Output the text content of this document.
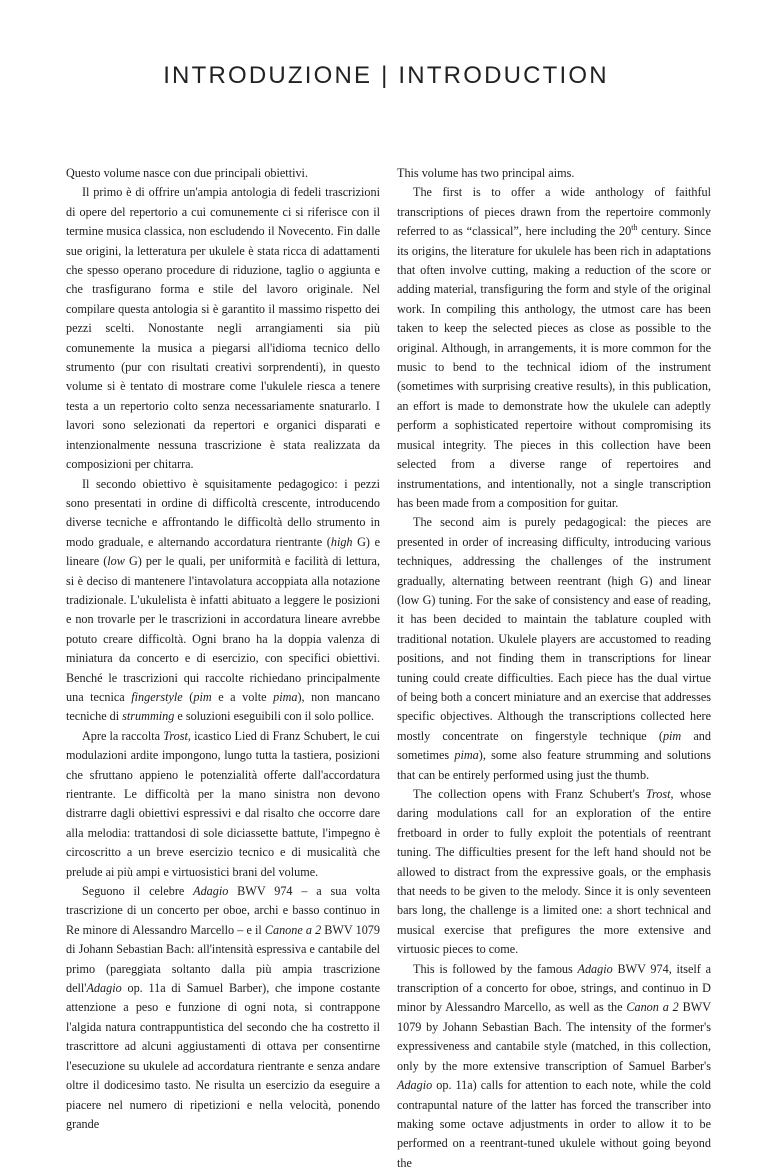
INTRODUZIONE | INTRODUCTION

Questo volume nasce con due principali obiettivi.

Il primo è di offrire un'ampia antologia di fedeli trascrizioni di opere del repertorio a cui comunemente ci si riferisce con il termine musica classica, non escludendo il Novecento. Fin dalle sue origini, la letteratura per ukulele è stata ricca di adattamenti che spesso operano procedure di riduzione, taglio o aggiunta e che trasfigurano forma e stile del lavoro originale. Nel compilare questa antologia si è garantito il massimo rispetto dei pezzi scelti. Nonostante negli arrangiamenti sia più comunemente la musica a piegarsi all'idioma tecnico dello strumento (pur con risultati creativi sorprendenti), in questo volume si è tentato di mostrare come l'ukulele riesca a tenere testa a un repertorio colto senza necessariamente snaturarlo. I lavori sono selezionati da repertori e organici disparati e intenzionalmente nessuna trascrizione è stata realizzata da composizioni per chitarra.

Il secondo obiettivo è squisitamente pedagogico: i pezzi sono presentati in ordine di difficoltà crescente, introducendo diverse tecniche e affrontando le difficoltà dello strumento in modo graduale, e alternando accordatura rientrante (high G) e lineare (low G) per le quali, per uniformità e facilità di lettura, si è deciso di mantenere l'intavolatura accoppiata alla notazione tradizionale. L'ukulelista è infatti abituato a leggere le posizioni e non trovarle per le trascrizioni in accordatura lineare avrebbe potuto creare difficoltà. Ogni brano ha la doppia valenza di miniatura da concerto e di esercizio, con specifici obiettivi. Benché le trascrizioni qui raccolte richiedano principalmente una tecnica fingerstyle (pim e a volte pima), non mancano tecniche di strumming e soluzioni eseguibili con il solo pollice.

Apre la raccolta Trost, icastico Lied di Franz Schubert, le cui modulazioni ardite impongono, lungo tutta la tastiera, posizioni che sfruttano appieno le potenzialità offerte dall'accordatura rientrante. Le difficoltà per la mano sinistra non devono distrarre dagli obiettivi espressivi e dal risalto che occorre dare alla melodia: trattandosi di sole diciassette battute, l'impegno è circoscritto a un breve esercizio tecnico e di musicalità che prelude ai più ampi e virtuosistici brani del volume.

Seguono il celebre Adagio BWV 974 – a sua volta trascrizione di un concerto per oboe, archi e basso continuo in Re minore di Alessandro Marcello – e il Canone a 2 BWV 1079 di Johann Sebastian Bach: all'intensità espressiva e cantabile del primo (pareggiata soltanto dalla più ampia trascrizione dell'Adagio op. 11a di Samuel Barber), che impone costante attenzione a peso e funzione di ogni nota, si contrappone l'algida natura contrappuntistica del secondo che ha costretto il trascrittore ad alcuni aggiustamenti di ottava per consentirne l'esecuzione su ukulele ad accordatura rientrante e senza andare oltre il dodicesimo tasto. Ne risulta un esercizio da eseguire a piacere nel numero di ripetizioni e nella velocità, ponendo grande

This volume has two principal aims.

The first is to offer a wide anthology of faithful transcriptions of pieces drawn from the repertoire commonly referred to as “classical”, here including the 20th century. Since its origins, the literature for ukulele has been rich in adaptations that often involve cutting, making a reduction of the score or adding material, transfiguring the form and style of the original work. In compiling this anthology, the utmost care has been taken to keep the selected pieces as close as possible to the original. Although, in arrangements, it is more common for the music to bend to the technical idiom of the instrument (sometimes with surprising creative results), in this publication, an effort is made to demonstrate how the ukulele can adeptly perform a sophisticated repertoire without compromising its musical integrity. The pieces in this collection have been selected from a diverse range of repertoires and instrumentations, and intentionally, not a single transcription has been made from a composition for guitar.

The second aim is purely pedagogical: the pieces are presented in order of increasing difficulty, introducing various techniques, addressing the challenges of the instrument gradually, alternating between reentrant (high G) and linear (low G) tuning. For the sake of consistency and ease of reading, it has been decided to maintain the tablature coupled with traditional notation. Ukulele players are accustomed to reading positions, and not finding them in transcriptions for linear tuning could create difficulties. Each piece has the dual virtue of being both a concert miniature and an exercise that addresses specific objectives. Although the transcriptions collected here mostly concentrate on fingerstyle technique (pim and sometimes pima), some also feature strumming and solutions that can be entirely performed using just the thumb.

The collection opens with Franz Schubert's Trost, whose daring modulations call for an exploration of the entire fretboard in order to fully exploit the potentials of reentrant tuning. The difficulties present for the left hand should not be allowed to distract from the expressive goals, or the emphasis that needs to be given to the melody. Since it is only seventeen bars long, the challenge is a limited one: a short technical and musical exercise that prefigures the more extensive and virtuosic pieces to come.

This is followed by the famous Adagio BWV 974, itself a transcription of a concerto for oboe, strings, and continuo in D minor by Alessandro Marcello, as well as the Canon a 2 BWV 1079 by Johann Sebastian Bach. The intensity of the former's expressiveness and cantabile style (matched, in this collection, only by the more extensive transcription of Samuel Barber's Adagio op. 11a) calls for attention to each note, while the cold contrapuntal nature of the latter has forced the transcriber into making some octave adjustments in order to allow it to be performed on a reentrant-tuned ukulele without going beyond the
